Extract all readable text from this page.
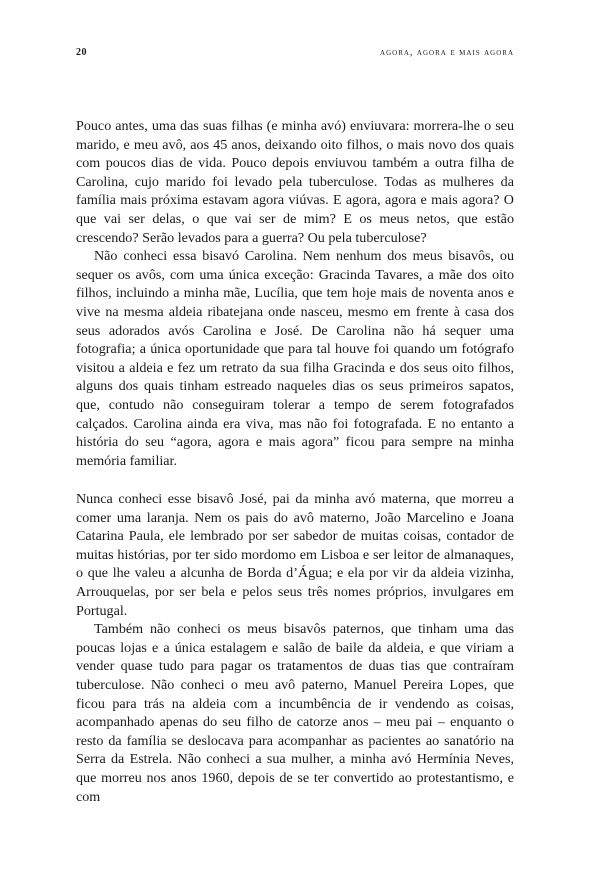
20	agora, agora e mais agora

Pouco antes, uma das suas filhas (e minha avó) enviuvara: morrera-lhe o seu marido, e meu avô, aos 45 anos, deixando oito filhos, o mais novo dos quais com poucos dias de vida. Pouco depois enviuvou também a outra filha de Carolina, cujo marido foi levado pela tuberculose. Todas as mulheres da família mais próxima estavam agora viúvas. E agora, agora e mais agora? O que vai ser delas, o que vai ser de mim? E os meus netos, que estão crescendo? Serão levados para a guerra? Ou pela tuberculose?

Não conheci essa bisavó Carolina. Nem nenhum dos meus bisavôs, ou sequer os avôs, com uma única exceção: Gracinda Tavares, a mãe dos oito filhos, incluindo a minha mãe, Lucília, que tem hoje mais de noventa anos e vive na mesma aldeia ribatejana onde nasceu, mesmo em frente à casa dos seus adorados avós Carolina e José. De Carolina não há sequer uma fotografia; a única oportunidade que para tal houve foi quando um fotógrafo visitou a aldeia e fez um retrato da sua filha Gracinda e dos seus oito filhos, alguns dos quais tinham estreado naqueles dias os seus primeiros sapatos, que, contudo não conseguiram tolerar a tempo de serem fotografados calçados. Carolina ainda era viva, mas não foi fotografada. E no entanto a história do seu “agora, agora e mais agora” ficou para sempre na minha memória familiar.

Nunca conheci esse bisavô José, pai da minha avó materna, que morreu a comer uma laranja. Nem os pais do avô materno, João Marcelino e Joana Catarina Paula, ele lembrado por ser sabedor de muitas coisas, contador de muitas histórias, por ter sido mordomo em Lisboa e ser leitor de almanaques, o que lhe valeu a alcunha de Borda d’Água; e ela por vir da aldeia vizinha, Arrouquelas, por ser bela e pelos seus três nomes próprios, invulgares em Portugal.

Também não conheci os meus bisavôs paternos, que tinham uma das poucas lojas e a única estalagem e salão de baile da aldeia, e que viriam a vender quase tudo para pagar os tratamentos de duas tias que contraíram tuberculose. Não conheci o meu avô paterno, Manuel Pereira Lopes, que ficou para trás na aldeia com a incumbência de ir vendendo as coisas, acompanhado apenas do seu filho de catorze anos – meu pai – enquanto o resto da família se deslocava para acompanhar as pacientes ao sanatório na Serra da Estrela. Não conheci a sua mulher, a minha avó Hermínia Neves, que morreu nos anos 1960, depois de se ter convertido ao protestantismo, e com
